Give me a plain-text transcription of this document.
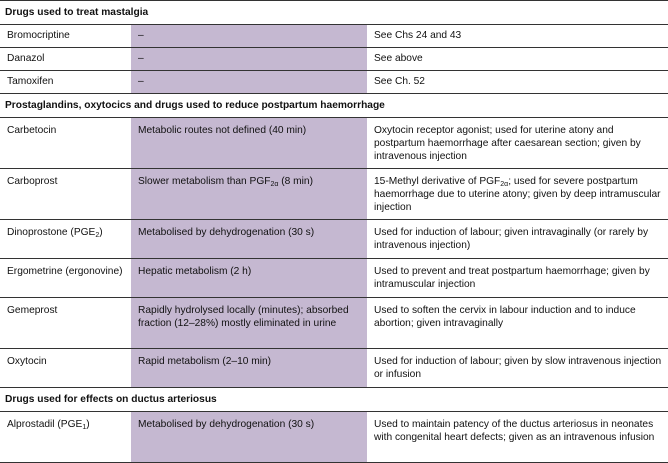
Drugs used to treat mastalgia		
Bromocriptine	–	See Chs 24 and 43
Danazol	–	See above
Tamoxifen	–	See Ch. 52
Prostaglandins, oxytocics and drugs used to reduce postpartum haemorrhage		
Carbetocin	Metabolic routes not defined (40 min)	Oxytocin receptor agonist; used for uterine atony and postpartum haemorrhage after caesarean section; given by intravenous injection
Carboprost	Slower metabolism than $PGF_{2\alpha}$ (8 min)	15-Methyl derivative of $PGF_{2\alpha}$; used for severe postpartum haemorrhage due to uterine atony; given by deep intramuscular injection
Dinoprostone $(PGE_2)$	Metabolised by dehydrogenation (30 s)	Used for induction of labour; given intravaginally (or rarely by intravenous injection)
Ergometrine (ergonovine)	Hepatic metabolism (2 h)	Used to prevent and treat postpartum haemorrhage; given by intramuscular injection
Gemeprost	Rapidly hydrolysed locally (minutes); absorbed fraction (12–28%) mostly eliminated in urine	Used to soften the cervix in labour induction and to induce abortion; given intravaginally
Oxytocin	Rapid metabolism (2–10 min)	Used for induction of labour; given by slow intravenous injection or infusion
Drugs used for effects on ductus arteriosus		
Alprostadil $(PGE_1)$	Metabolised by dehydrogenation (30 s)	Used to maintain patency of the ductus arteriosus in neonates with congenital heart defects; given as an intravenous infusion
